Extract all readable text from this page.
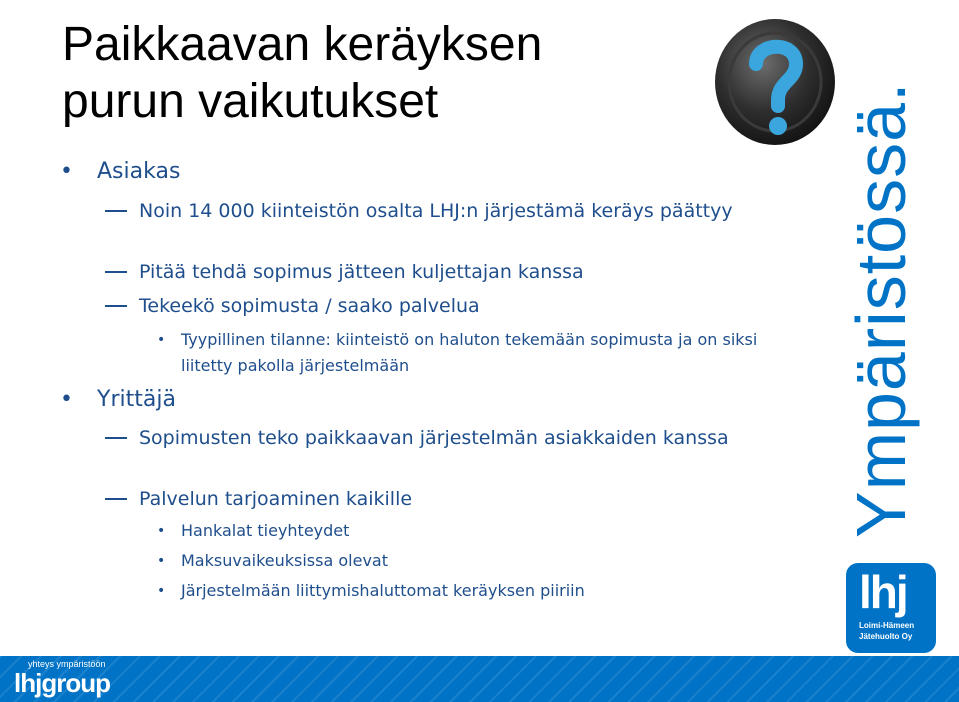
Paikkaavan keräyksen
purun vaikutukset
• Asiakas
Noin 14 000 kiinteistön osalta LHJ:n järjestämä keräys päättyy
Pitää tehdä sopimus jätteen kuljettajan kanssa
Tekeekö sopimusta / saako palvelua
• Tyypillinen tilanne: kiinteistö on haluton tekemään sopimusta ja on siksi liitetty pakolla järjestelmään
• Yrittäjä
Sopimusten teko paikkaavan järjestelmän asiakkaiden kanssa
Palvelun tarjoaminen kaikille
• Hankalat tieyhteydet
• Maksuvaikeuksissa olevat
• Järjestelmään liittymishaluttomat keräyksen piiriin
Ympäristössä.
yhteys ympäristöön
lhjgroup
lhj
Loimi-Hämeen
Jätehuolto Oy
